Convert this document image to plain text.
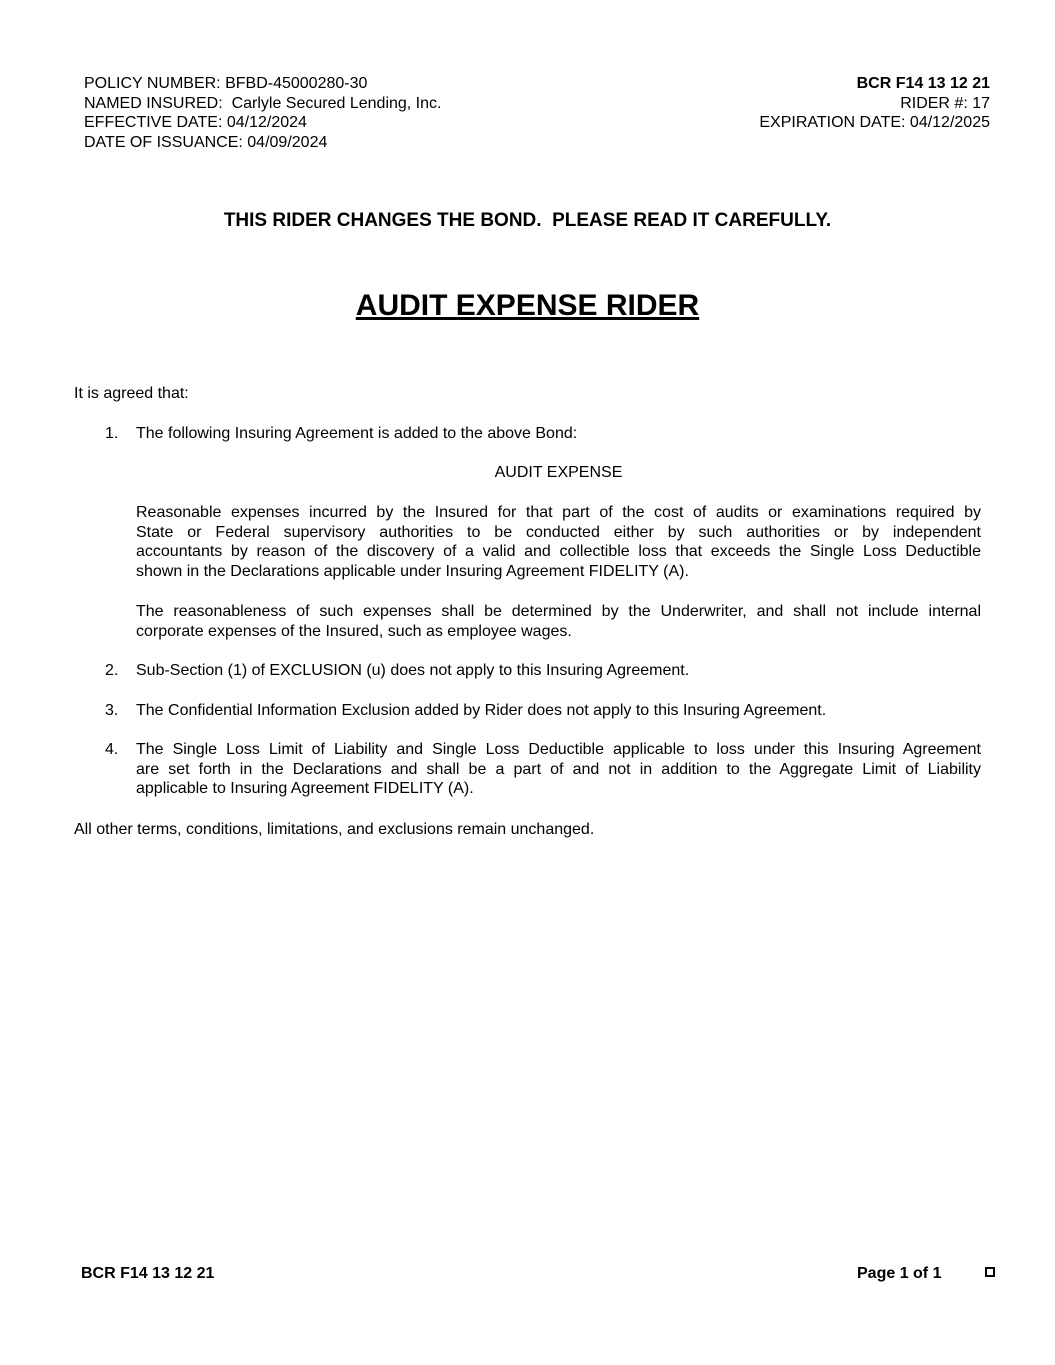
POLICY NUMBER: BFBD-45000280-30
NAMED INSURED:  Carlyle Secured Lending, Inc.
EFFECTIVE DATE: 04/12/2024
DATE OF ISSUANCE: 04/09/2024
BCR F14 13 12 21
RIDER #: 17
EXPIRATION DATE: 04/12/2025
THIS RIDER CHANGES THE BOND.  PLEASE READ IT CAREFULLY.
AUDIT EXPENSE RIDER
It is agreed that:
1. The following Insuring Agreement is added to the above Bond:
AUDIT EXPENSE
Reasonable expenses incurred by the Insured for that part of the cost of audits or examinations required by
State or Federal supervisory authorities to be conducted either by such authorities or by independent
accountants by reason of the discovery of a valid and collectible loss that exceeds the Single Loss Deductible
shown in the Declarations applicable under Insuring Agreement FIDELITY (A).
The reasonableness of such expenses shall be determined by the Underwriter, and shall not include internal
corporate expenses of the Insured, such as employee wages.
2. Sub-Section (1) of EXCLUSION (u) does not apply to this Insuring Agreement.
3. The Confidential Information Exclusion added by Rider does not apply to this Insuring Agreement.
4. The Single Loss Limit of Liability and Single Loss Deductible applicable to loss under this Insuring Agreement
are set forth in the Declarations and shall be a part of and not in addition to the Aggregate Limit of Liability
applicable to Insuring Agreement FIDELITY (A).
All other terms, conditions, limitations, and exclusions remain unchanged.
BCR F14 13 12 21	Page 1 of 1
